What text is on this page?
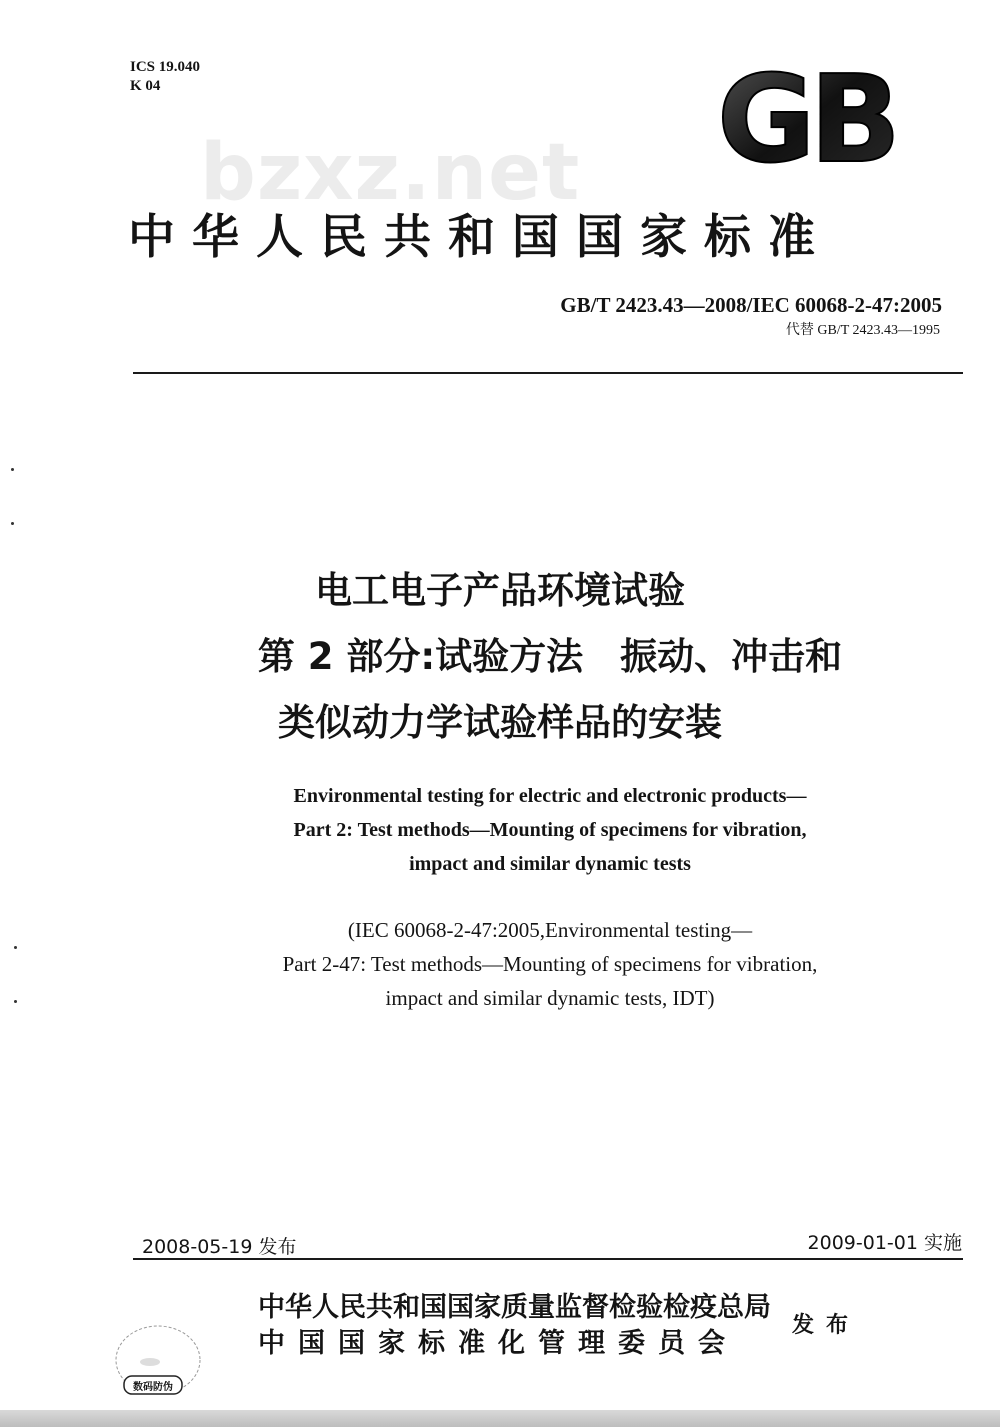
ICS 19.040
K 04	GB
bzxz.net
中华人民共和国国家标准
GB/T 2423.43—2008/IEC 60068-2-47:2005
代替 GB/T 2423.43—1995
电工电子产品环境试验
第 2 部分:试验方法　振动、冲击和
类似动力学试验样品的安装
Environmental testing for electric and electronic products—
Part 2: Test methods—Mounting of specimens for vibration,
impact and similar dynamic tests
(IEC 60068-2-47:2005,Environmental testing—
Part 2-47: Test methods—Mounting of specimens for vibration,
impact and similar dynamic tests, IDT)
2008-05-19 发布	2009-01-01 实施
中华人民共和国国家质量监督检验检疫总局
中国国家标准化管理委员会
发布
数码防伪
